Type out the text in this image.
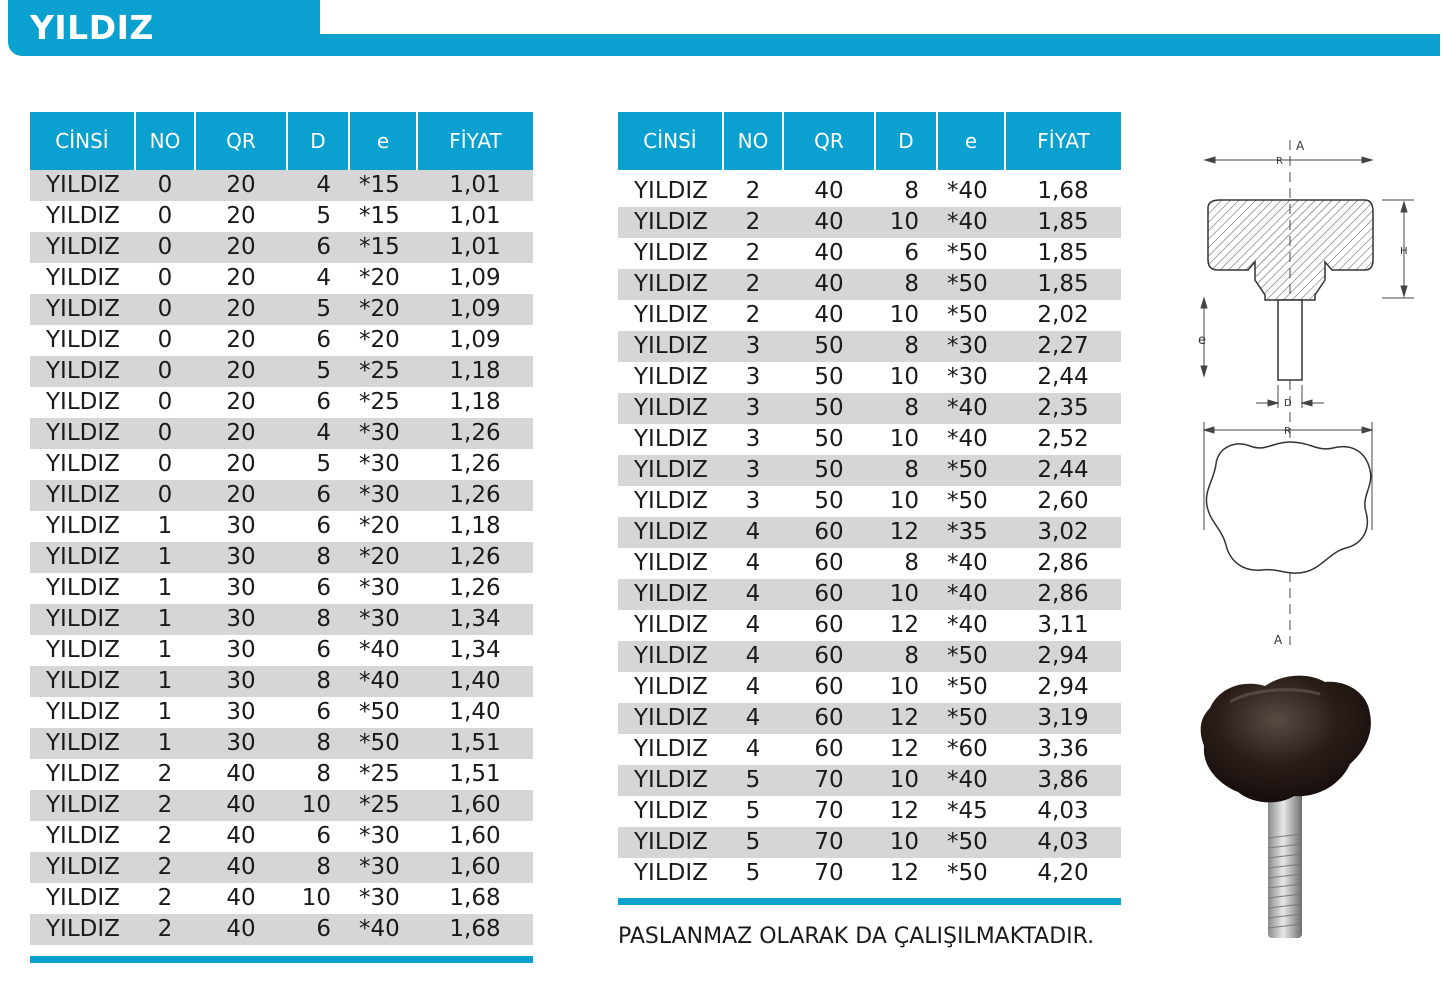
YILDIZ
CİNSİ	NO	QR	D	e	FİYAT
YILDIZ	0	20	4	*15	1,01
YILDIZ	0	20	5	*15	1,01
YILDIZ	0	20	6	*15	1,01
YILDIZ	0	20	4	*20	1,09
YILDIZ	0	20	5	*20	1,09
YILDIZ	0	20	6	*20	1,09
YILDIZ	0	20	5	*25	1,18
YILDIZ	0	20	6	*25	1,18
YILDIZ	0	20	4	*30	1,26
YILDIZ	0	20	5	*30	1,26
YILDIZ	0	20	6	*30	1,26
YILDIZ	1	30	6	*20	1,18
YILDIZ	1	30	8	*20	1,26
YILDIZ	1	30	6	*30	1,26
YILDIZ	1	30	8	*30	1,34
YILDIZ	1	30	6	*40	1,34
YILDIZ	1	30	8	*40	1,40
YILDIZ	1	30	6	*50	1,40
YILDIZ	1	30	8	*50	1,51
YILDIZ	2	40	8	*25	1,51
YILDIZ	2	40	10	*25	1,60
YILDIZ	2	40	6	*30	1,60
YILDIZ	2	40	8	*30	1,60
YILDIZ	2	40	10	*30	1,68
YILDIZ	2	40	6	*40	1,68
CİNSİ	NO	QR	D	e	FİYAT
YILDIZ	2	40	8	*40	1,68
YILDIZ	2	40	10	*40	1,85
YILDIZ	2	40	6	*50	1,85
YILDIZ	2	40	8	*50	1,85
YILDIZ	2	40	10	*50	2,02
YILDIZ	3	50	8	*30	2,27
YILDIZ	3	50	10	*30	2,44
YILDIZ	3	50	8	*40	2,35
YILDIZ	3	50	10	*40	2,52
YILDIZ	3	50	8	*50	2,44
YILDIZ	3	50	10	*50	2,60
YILDIZ	4	60	12	*35	3,02
YILDIZ	4	60	8	*40	2,86
YILDIZ	4	60	10	*40	2,86
YILDIZ	4	60	12	*40	3,11
YILDIZ	4	60	8	*50	2,94
YILDIZ	4	60	10	*50	2,94
YILDIZ	4	60	12	*50	3,19
YILDIZ	4	60	12	*60	3,36
YILDIZ	5	70	10	*40	3,86
YILDIZ	5	70	12	*45	4,03
YILDIZ	5	70	10	*50	4,03
YILDIZ	5	70	12	*50	4,20
PASLANMAZ OLARAK DA ÇALIŞILMAKTADIR.
A
R
H
e
D
R
A
